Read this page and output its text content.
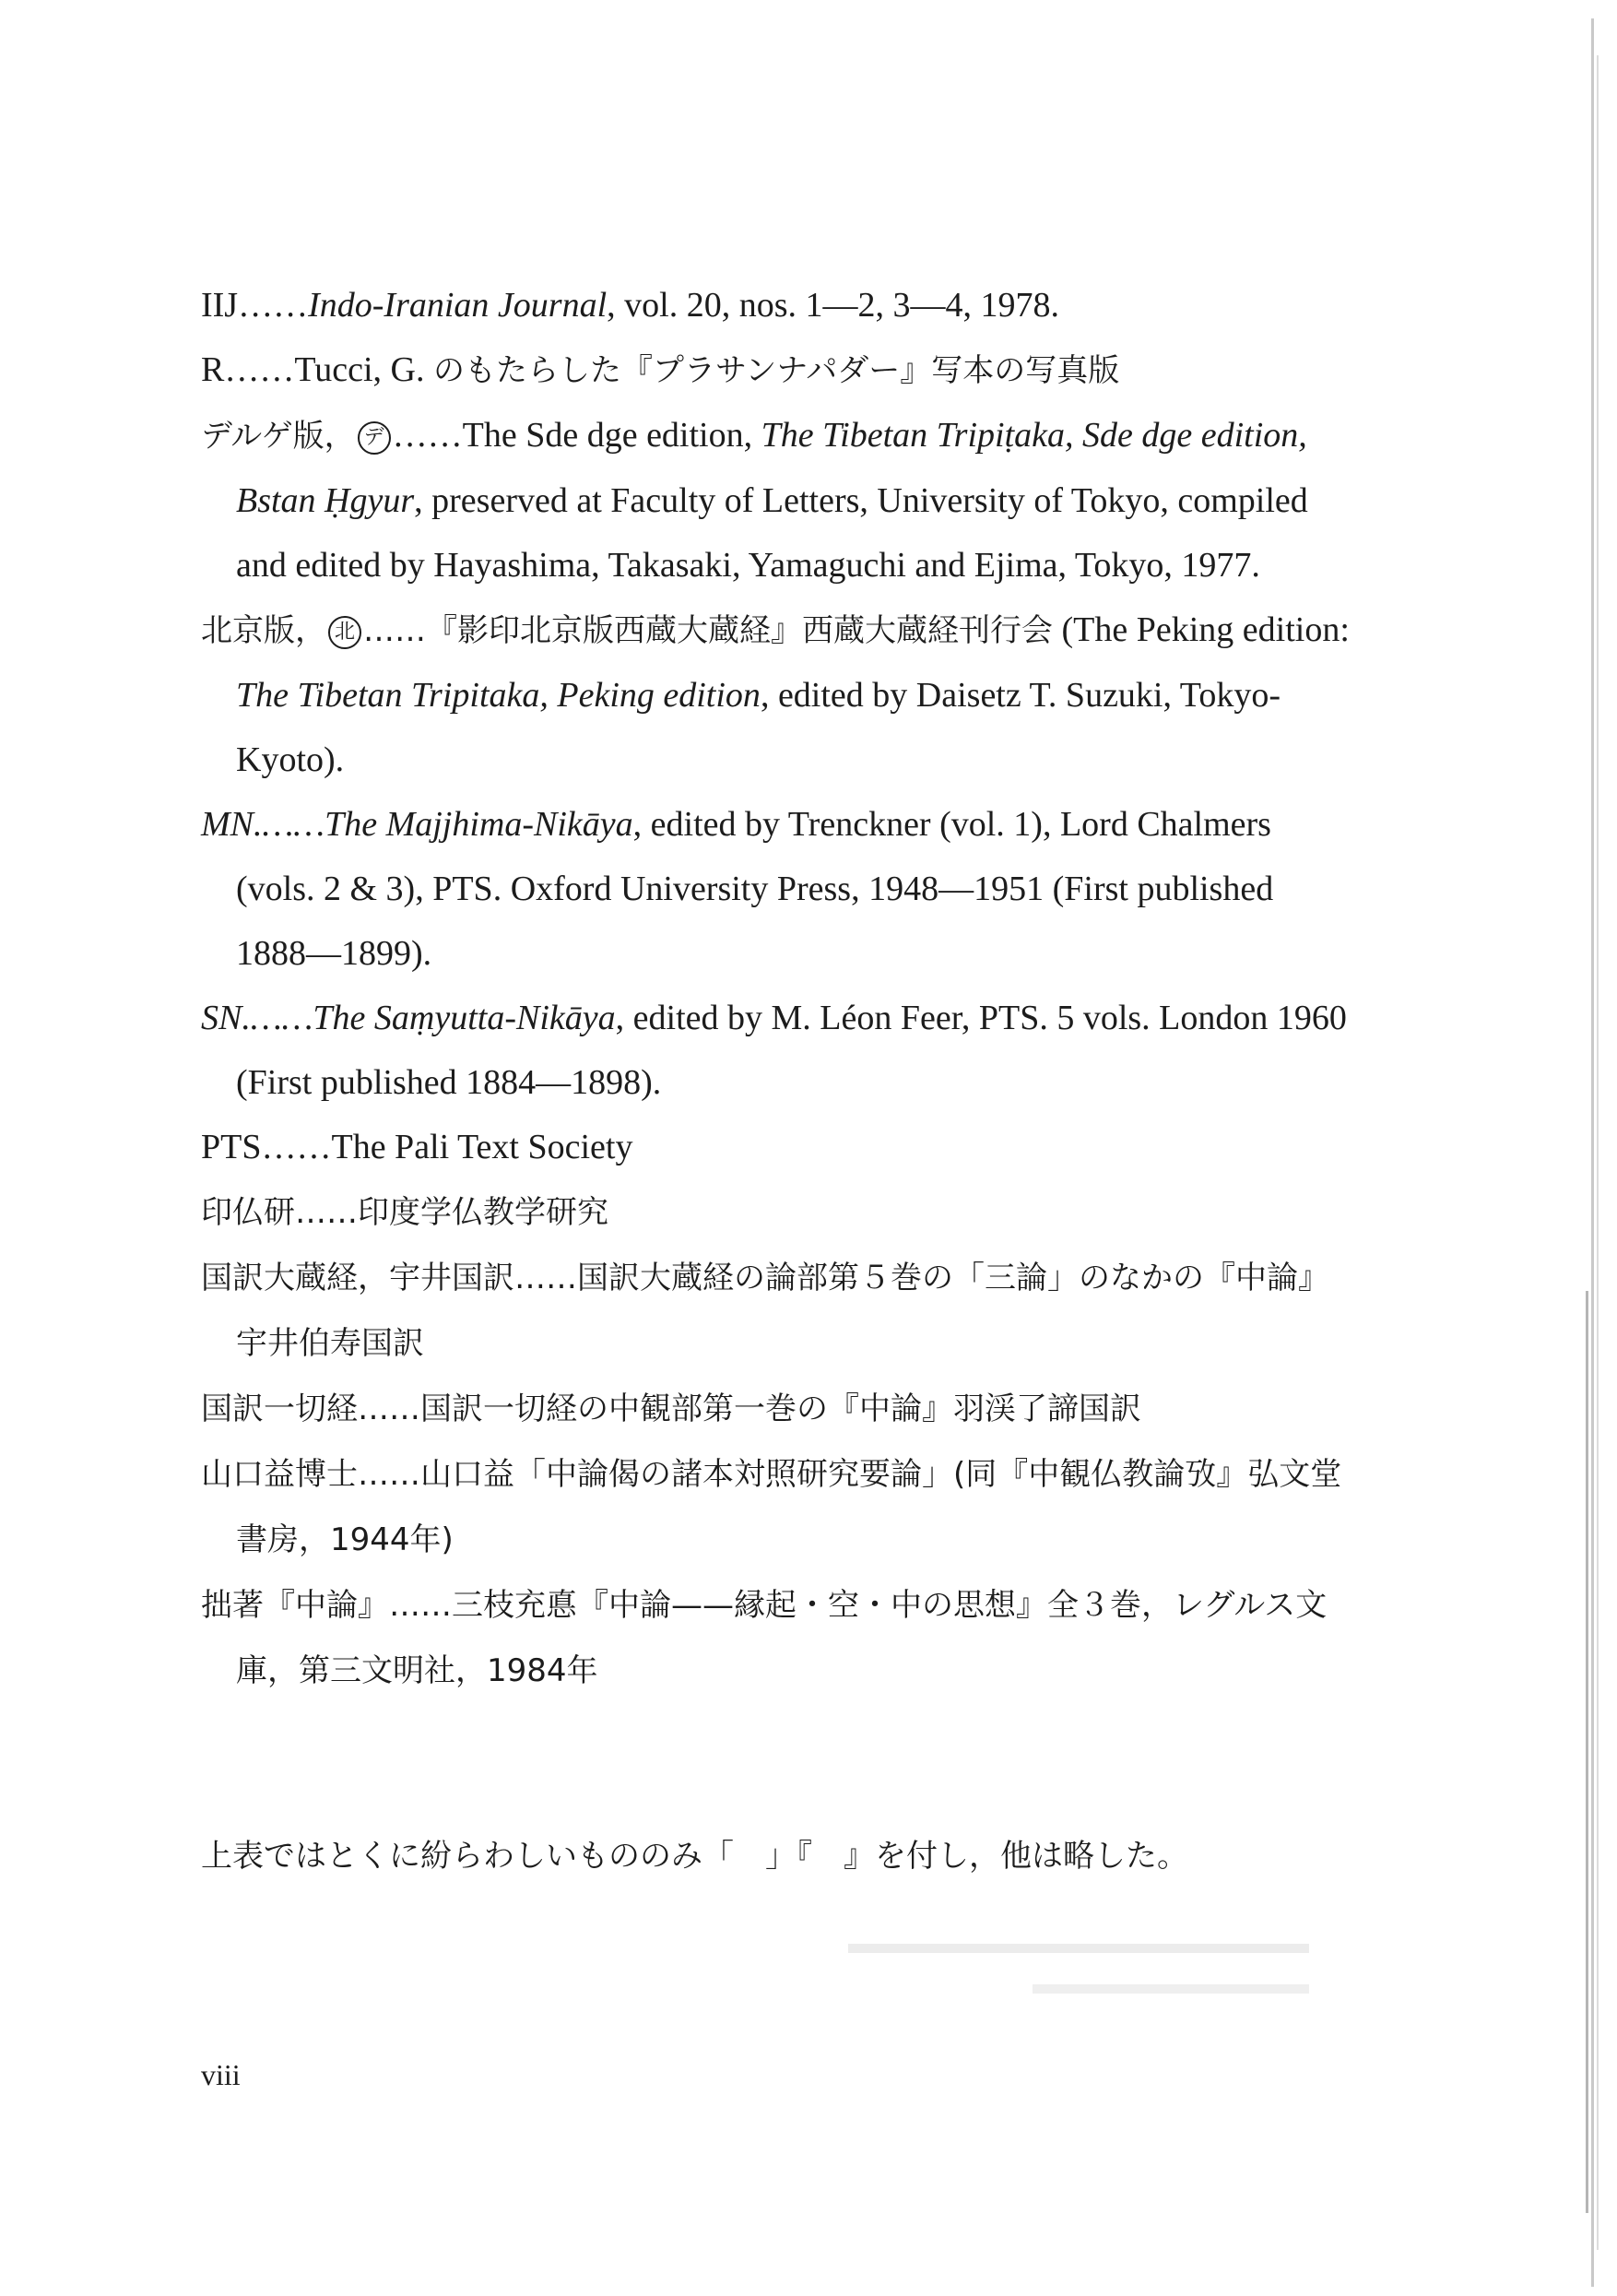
IIJ……Indo-Iranian Journal, vol. 20, nos. 1—2, 3—4, 1978.
R……Tucci, G. のもたらした『プラサンナパダー』写本の写真版
デルゲ版， デ ……The Sde dge edition, The Tibetan Tripiṭaka, Sde dge edition, Bstan Ḥgyur, preserved at Faculty of Letters, University of Tokyo, compiled and edited by Hayashima, Takasaki, Yamaguchi and Ejima, Tokyo, 1977.
北京版， 北 ……『影印北京版西蔵大蔵経』西蔵大蔵経刊行会 (The Peking edition: The Tibetan Tripitaka, Peking edition, edited by Daisetz T. Suzuki, Tokyo-Kyoto).
MN.……The Majjhima-Nikāya, edited by Trenckner (vol. 1), Lord Chalmers (vols. 2 & 3), PTS. Oxford University Press, 1948—1951 (First published 1888—1899).
SN.……The Saṃyutta-Nikāya, edited by M. Léon Feer, PTS. 5 vols. London 1960 (First published 1884—1898).
PTS……The Pali Text Society
印仏研……印度学仏教学研究
国訳大蔵経，宇井国訳……国訳大蔵経の論部第５巻の「三論」のなかの『中論』宇井伯寿国訳
国訳一切経……国訳一切経の中観部第一巻の『中論』羽渓了諦国訳
山口益博士……山口益「中論偈の諸本対照研究要論」(同『中観仏教論攷』弘文堂書房，1944年)
拙著『中論』……三枝充悳『中論——縁起・空・中の思想』全３巻，レグルス文庫，第三文明社，1984年
上表ではとくに紛らわしいもののみ「　」『　』を付し，他は略した。
viii
